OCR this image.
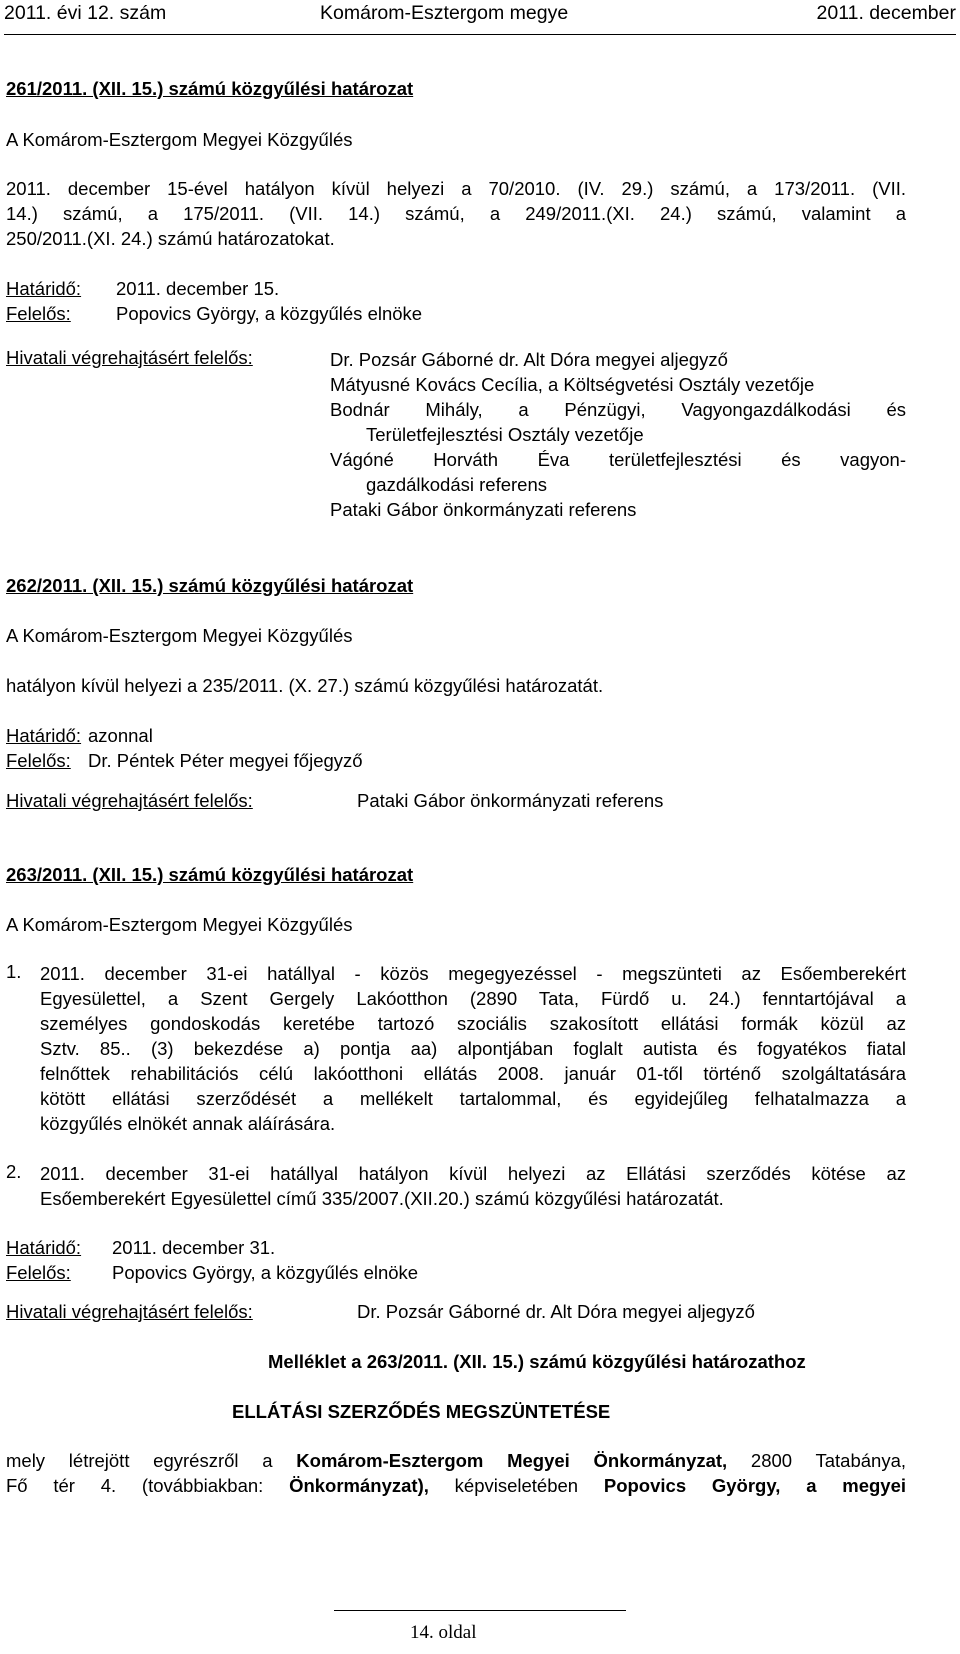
2011. évi 12. szám	Komárom-Esztergom megye	2011. december
261/2011. (XII. 15.) számú közgyűlési határozat
A Komárom-Esztergom Megyei Közgyűlés
2011. december 15-ével hatályon kívül helyezi a 70/2010. (IV. 29.) számú, a 173/2011. (VII.
14.) számú, a 175/2011. (VII. 14.) számú, a 249/2011.(XI. 24.) számú, valamint a
250/2011.(XI. 24.) számú határozatokat.
Határidő: 2011. december 15.
Felelős: Popovics György, a közgyűlés elnöke
Hivatali végrehajtásért felelős:	Dr. Pozsár Gáborné dr. Alt Dóra megyei aljegyző
Mátyusné Kovács Cecília, a Költségvetési Osztály vezetője
Bodnár Mihály, a Pénzügyi, Vagyongazdálkodási és
Területfejlesztési Osztály vezetője
Vágóné Horváth Éva területfejlesztési és vagyon-
gazdálkodási referens
Pataki Gábor önkormányzati referens
262/2011. (XII. 15.) számú közgyűlési határozat
A Komárom-Esztergom Megyei Közgyűlés
hatályon kívül helyezi a 235/2011. (X. 27.) számú közgyűlési határozatát.
Határidő: azonnal
Felelős: Dr. Péntek Péter megyei főjegyző
Hivatali végrehajtásért felelős:	Pataki Gábor önkormányzati referens
263/2011. (XII. 15.) számú közgyűlési határozat
A Komárom-Esztergom Megyei Közgyűlés
1. 2011. december 31-ei hatállyal - közös megegyezéssel - megszünteti az Esőemberekért
Egyesülettel, a Szent Gergely Lakóotthon (2890 Tata, Fürdő u. 24.) fenntartójával a
személyes gondoskodás keretébe tartozó szociális szakosított ellátási formák közül az
Sztv. 85.. (3) bekezdése a) pontja aa) alpontjában foglalt autista és fogyatékos fiatal
felnőttek rehabilitációs célú lakóotthoni ellátás 2008. január 01-től történő szolgáltatására
kötött ellátási szerződését a mellékelt tartalommal, és egyidejűleg felhatalmazza a
közgyűlés elnökét annak aláírására.
2. 2011. december 31-ei hatállyal hatályon kívül helyezi az Ellátási szerződés kötése az
Esőemberekért Egyesülettel című 335/2007.(XII.20.) számú közgyűlési határozatát.
Határidő: 2011. december 31.
Felelős: Popovics György, a közgyűlés elnöke
Hivatali végrehajtásért felelős:	Dr. Pozsár Gáborné dr. Alt Dóra megyei aljegyző
Melléklet a 263/2011. (XII. 15.) számú közgyűlési határozathoz
ELLÁTÁSI SZERZŐDÉS MEGSZÜNTETÉSE
mely létrejött egyrészről a Komárom-Esztergom Megyei Önkormányzat, 2800 Tatabánya,
Fő tér 4. (továbbiakban: Önkormányzat), képviseletében Popovics György, a megyei
14. oldal
